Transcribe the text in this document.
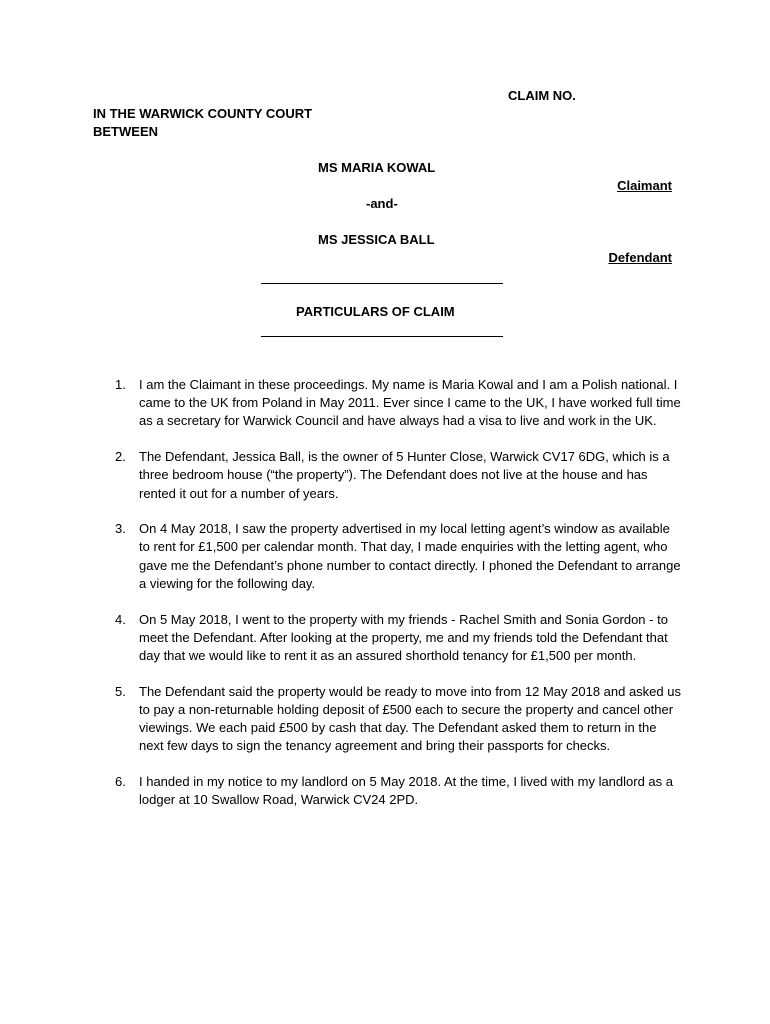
CLAIM NO.
IN THE WARWICK COUNTY COURT
BETWEEN
MS MARIA KOWAL
Claimant
-and-
MS JESSICA BALL
Defendant
PARTICULARS OF CLAIM
1.	I am the Claimant in these proceedings. My name is Maria Kowal and I am a Polish national. I came to the UK from Poland in May 2011. Ever since I came to the UK, I have worked full time as a secretary for Warwick Council and have always had a visa to live and work in the UK.
2.	The Defendant, Jessica Ball, is the owner of 5 Hunter Close, Warwick CV17 6DG, which is a three bedroom house (“the property”). The Defendant does not live at the house and has rented it out for a number of years.
3.	On 4 May 2018, I saw the property advertised in my local letting agent’s window as available to rent for £1,500 per calendar month. That day, I made enquiries with the letting agent, who gave me the Defendant’s phone number to contact directly. I phoned the Defendant to arrange a viewing for the following day.
4.	On 5 May 2018, I went to the property with my friends - Rachel Smith and Sonia Gordon - to meet the Defendant. After looking at the property, me and my friends told the Defendant that day that we would like to rent it as an assured shorthold tenancy for £1,500 per month.
5.	The Defendant said the property would be ready to move into from 12 May 2018 and asked us to pay a non-returnable holding deposit of £500 each to secure the property and cancel other viewings. We each paid £500 by cash that day. The Defendant asked them to return in the next few days to sign the tenancy agreement and bring their passports for checks.
6.	I handed in my notice to my landlord on 5 May 2018. At the time, I lived with my landlord as a lodger at 10 Swallow Road, Warwick CV24 2PD.
